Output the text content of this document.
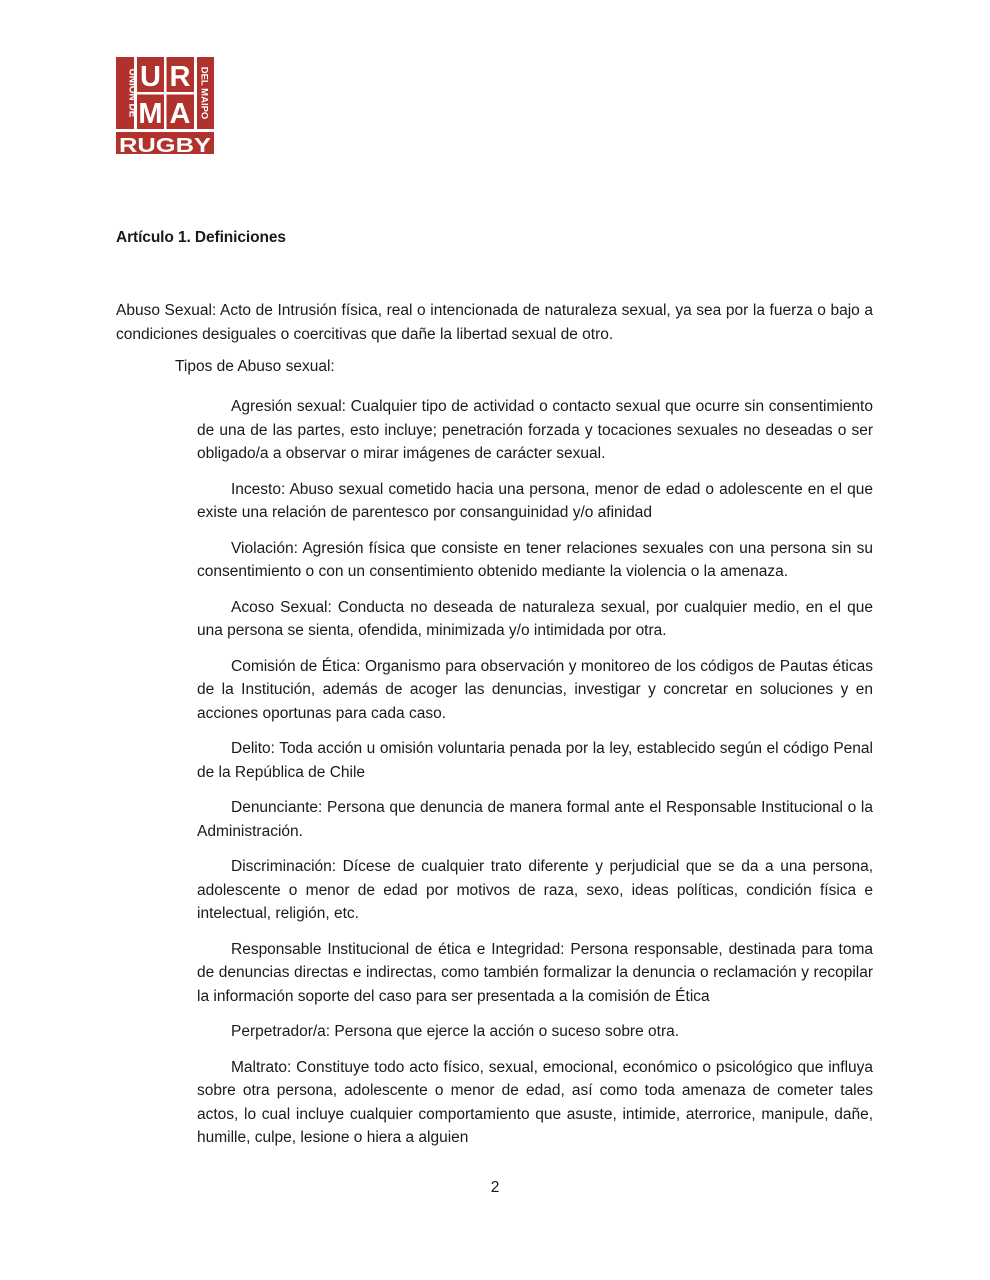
U R
M A
RUGBY
UNION DE	DEL MAIPO
Artículo 1. Definiciones
Abuso Sexual: Acto de Intrusión física, real o intencionada de naturaleza sexual, ya sea por la fuerza o bajo a condiciones desiguales o coercitivas que dañe la libertad sexual de otro.
Tipos de Abuso sexual:
Agresión sexual: Cualquier tipo de actividad o contacto sexual que ocurre sin consentimiento de una de las partes, esto incluye; penetración forzada y tocaciones sexuales no deseadas o ser obligado/a a observar o mirar imágenes de carácter sexual.
Incesto: Abuso sexual cometido hacia una persona, menor de edad o adolescente en el que existe una relación de parentesco por consanguinidad y/o afinidad
Violación: Agresión física que consiste en tener relaciones sexuales con una persona sin su consentimiento o con un consentimiento obtenido mediante la violencia o la amenaza.
Acoso Sexual: Conducta no deseada de naturaleza sexual, por cualquier medio, en el que una persona se sienta, ofendida, minimizada y/o intimidada por otra.
Comisión de Ética: Organismo para observación y monitoreo de los códigos de Pautas éticas de la Institución, además de acoger las denuncias, investigar y concretar en soluciones y en acciones oportunas para cada caso.
Delito: Toda acción u omisión voluntaria penada por la ley, establecido según el código Penal de la República de Chile
Denunciante: Persona que denuncia de manera formal ante el Responsable Institucional o la Administración.
Discriminación: Dícese de cualquier trato diferente y perjudicial que se da a una persona, adolescente o menor de edad por motivos de raza, sexo, ideas políticas, condición física e intelectual, religión, etc.
Responsable Institucional de ética e Integridad: Persona responsable, destinada para toma de denuncias directas e indirectas, como también formalizar la denuncia o reclamación y recopilar la información soporte del caso para ser presentada a la comisión de Ética
Perpetrador/a: Persona que ejerce la acción o suceso sobre otra.
Maltrato: Constituye todo acto físico, sexual, emocional, económico o psicológico que influya sobre otra persona, adolescente o menor de edad, así como toda amenaza de cometer tales actos, lo cual incluye cualquier comportamiento que asuste, intimide, aterrorice, manipule, dañe, humille, culpe, lesione o hiera a alguien
2
